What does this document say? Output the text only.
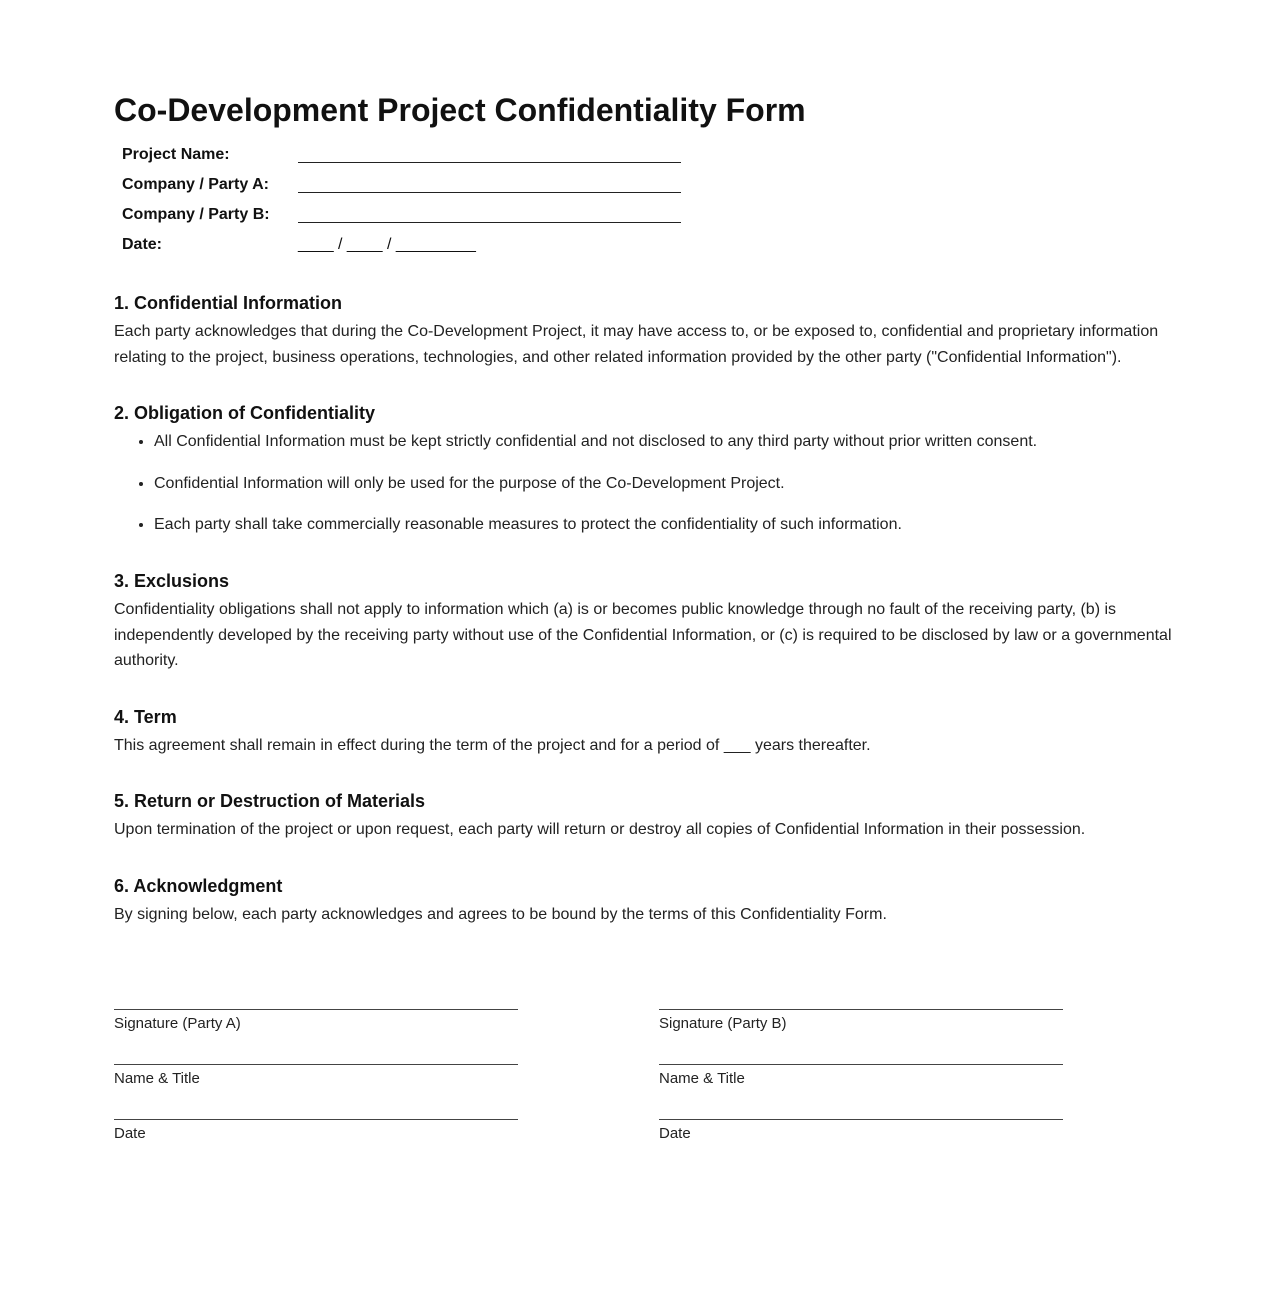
Co-Development Project Confidentiality Form
Project Name:
Company / Party A:
Company / Party B:
Date:	____ / ____ / _________
1. Confidential Information

Each party acknowledges that during the Co-Development Project, it may have access to, or be exposed to, confidential and proprietary information relating to the project, business operations, technologies, and other related information provided by the other party ("Confidential Information").

2. Obligation of Confidentiality
• All Confidential Information must be kept strictly confidential and not disclosed to any third party without prior written consent.
• Confidential Information will only be used for the purpose of the Co-Development Project.
• Each party shall take commercially reasonable measures to protect the confidentiality of such information.
3. Exclusions

Confidentiality obligations shall not apply to information which (a) is or becomes public knowledge through no fault of the receiving party, (b) is independently developed by the receiving party without use of the Confidential Information, or (c) is required to be disclosed by law or a governmental authority.

4. Term

This agreement shall remain in effect during the term of the project and for a period of ___ years thereafter.

5. Return or Destruction of Materials

Upon termination of the project or upon request, each party will return or destroy all copies of Confidential Information in their possession.

6. Acknowledgment

By signing below, each party acknowledges and agrees to be bound by the terms of this Confidentiality Form.

Signature (Party A)
Name & Title
Date
Signature (Party B)
Name & Title
Date
